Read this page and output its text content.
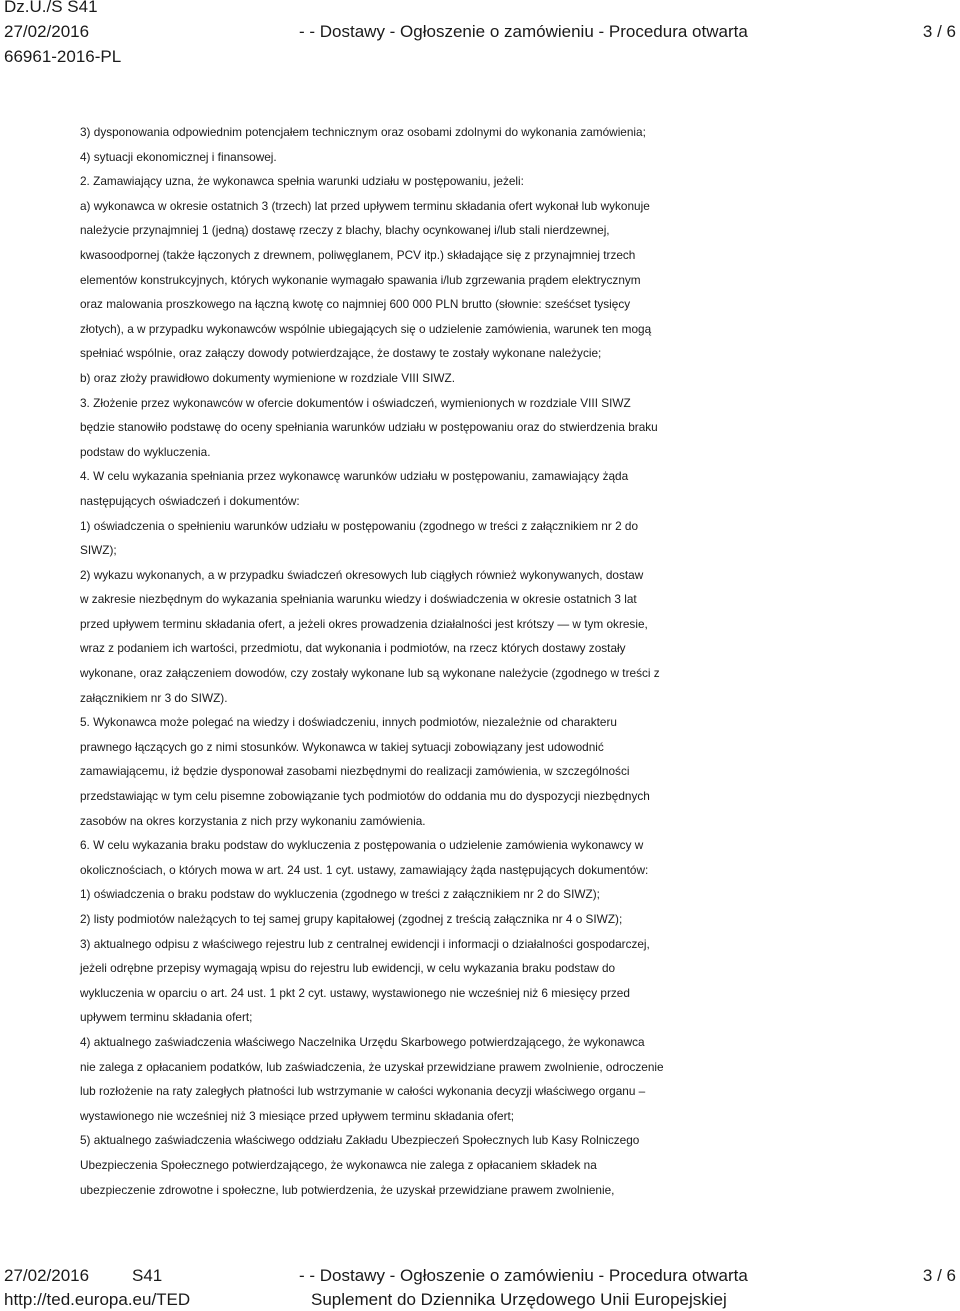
Dz.U./S S41
27/02/2016
66961-2016-PL
- - Dostawy - Ogłoszenie o zamówieniu - Procedura otwarta	3 / 6
3) dysponowania odpowiednim potencjałem technicznym oraz osobami zdolnymi do wykonania zamówienia;
4) sytuacji ekonomicznej i finansowej.
2. Zamawiający uzna, że wykonawca spełnia warunki udziału w postępowaniu, jeżeli:
a) wykonawca w okresie ostatnich 3 (trzech) lat przed upływem terminu składania ofert wykonał lub wykonuje
należycie przynajmniej 1 (jedną) dostawę rzeczy z blachy, blachy ocynkowanej i/lub stali nierdzewnej,
kwasoodpornej (także łączonych z drewnem, poliwęglanem, PCV itp.) składające się z przynajmniej trzech
elementów konstrukcyjnych, których wykonanie wymagało spawania i/lub zgrzewania prądem elektrycznym
oraz malowania proszkowego na łączną kwotę co najmniej 600 000 PLN brutto (słownie: sześćset tysięcy
złotych), a w przypadku wykonawców wspólnie ubiegających się o udzielenie zamówienia, warunek ten mogą
spełniać wspólnie, oraz załączy dowody potwierdzające, że dostawy te zostały wykonane należycie;
b) oraz złoży prawidłowo dokumenty wymienione w rozdziale VIII SIWZ.
3. Złożenie przez wykonawców w ofercie dokumentów i oświadczeń, wymienionych w rozdziale VIII SIWZ
będzie stanowiło podstawę do oceny spełniania warunków udziału w postępowaniu oraz do stwierdzenia braku
podstaw do wykluczenia.
4. W celu wykazania spełniania przez wykonawcę warunków udziału w postępowaniu, zamawiający żąda
następujących oświadczeń i dokumentów:
1) oświadczenia o spełnieniu warunków udziału w postępowaniu (zgodnego w treści z załącznikiem nr 2 do
SIWZ);
2) wykazu wykonanych, a w przypadku świadczeń okresowych lub ciągłych również wykonywanych, dostaw
w zakresie niezbędnym do wykazania spełniania warunku wiedzy i doświadczenia w okresie ostatnich 3 lat
przed upływem terminu składania ofert, a jeżeli okres prowadzenia działalności jest krótszy — w tym okresie,
wraz z podaniem ich wartości, przedmiotu, dat wykonania i podmiotów, na rzecz których dostawy zostały
wykonane, oraz załączeniem dowodów, czy zostały wykonane lub są wykonane należycie (zgodnego w treści z
załącznikiem nr 3 do SIWZ).
5. Wykonawca może polegać na wiedzy i doświadczeniu, innych podmiotów, niezależnie od charakteru
prawnego łączących go z nimi stosunków. Wykonawca w takiej sytuacji zobowiązany jest udowodnić
zamawiającemu, iż będzie dysponował zasobami niezbędnymi do realizacji zamówienia, w szczególności
przedstawiając w tym celu pisemne zobowiązanie tych podmiotów do oddania mu do dyspozycji niezbędnych
zasobów na okres korzystania z nich przy wykonaniu zamówienia.
6. W celu wykazania braku podstaw do wykluczenia z postępowania o udzielenie zamówienia wykonawcy w
okolicznościach, o których mowa w art. 24 ust. 1 cyt. ustawy, zamawiający żąda następujących dokumentów:
1) oświadczenia o braku podstaw do wykluczenia (zgodnego w treści z załącznikiem nr 2 do SIWZ);
2) listy podmiotów należących to tej samej grupy kapitałowej (zgodnej z treścią załącznika nr 4 o SIWZ);
3) aktualnego odpisu z właściwego rejestru lub z centralnej ewidencji i informacji o działalności gospodarczej,
jeżeli odrębne przepisy wymagają wpisu do rejestru lub ewidencji, w celu wykazania braku podstaw do
wykluczenia w oparciu o art. 24 ust. 1 pkt 2 cyt. ustawy, wystawionego nie wcześniej niż 6 miesięcy przed
upływem terminu składania ofert;
4) aktualnego zaświadczenia właściwego Naczelnika Urzędu Skarbowego potwierdzającego, że wykonawca
nie zalega z opłacaniem podatków, lub zaświadczenia, że uzyskał przewidziane prawem zwolnienie, odroczenie
lub rozłożenie na raty zaległych płatności lub wstrzymanie w całości wykonania decyzji właściwego organu –
wystawionego nie wcześniej niż 3 miesiące przed upływem terminu składania ofert;
5) aktualnego zaświadczenia właściwego oddziału Zakładu Ubezpieczeń Społecznych lub Kasy Rolniczego
Ubezpieczenia Społecznego potwierdzającego, że wykonawca nie zalega z opłacaniem składek na
ubezpieczenie zdrowotne i społeczne, lub potwierdzenia, że uzyskał przewidziane prawem zwolnienie,
27/02/2016	S41	- - Dostawy - Ogłoszenie o zamówieniu - Procedura otwarta	3 / 6
http://ted.europa.eu/TED	Suplement do Dziennika Urzędowego Unii Europejskiej
